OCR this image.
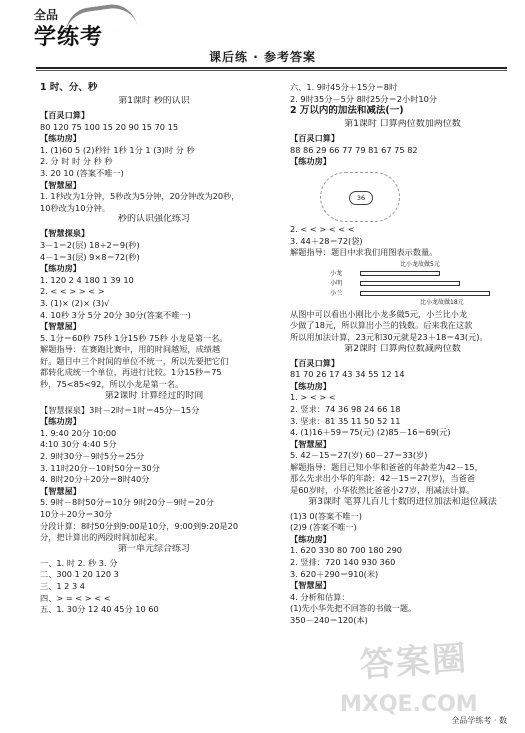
全品
学练考
课后练 · 参考答案
1 时、分、秒
第1课时 秒的认识
【百灵口算】
80 120 75 100 15 20 90 15 70 15
【练功房】
1. (1)60 5 (2)秒针 1秒 1分 1 (3)时 分 秒
2. 分 时 时 分 秒 秒
3. 20 10 (答案不唯一)
【智慧屋】
1. 1秒改为1分钟，5秒改为5分钟，20分钟改为20秒，
10秒改为10分钟。
秒的认识强化练习
【智慧探泉】
3－1＝2(层) 18÷2＝9(秒)
4－1＝3(层) 9×8＝72(秒)
【练功房】
1. 120 2 4 180 1 39 10
2. < < > > < >
3. (1)× (2)× (3)√
4. 10秒 3分 5分 20分 30分(答案不唯一)
【智慧屋】
5. 1分＝60秒 75秒 1分15秒 75秒 小龙是第一名。
解题指导：在赛跑比赛中，用的时间越短，成绩越
好。题目中三个时间的单位不统一，所以先要把它们
都转化成统一个单位，再进行比较。1分15秒＝75
秒，75<85<92，所以小龙是第一名。
第2课时 计算经过的时间
【智慧探泉】3时－2时＝1时＝45分－15分
【练功房】
1. 9:40 20分 10:00
4:10 30分 4:40 5分
2. 9时30分－9时5分＝25分
3. 11时20分－10时50分＝30分
4. 8时20分＋20分＝8时40分
【智慧屋】
5. 9时－8时50分＝10分 9时20分－9时＝20分
10分＋20分＝30分
分段计算：8时50分到9:00是10分，9:00到9:20是20
分，把计算出的两段时间加起来。
第一单元综合练习
一、1. 时 2. 秒 3. 分
二、300 1 20 120 3
三、1 2 3 4
四、> = < > < <
五、1. 30分 12 40 45分 10 60
六、1. 9时45分＋15分＝8时
2. 9时35分－5分 8时25分＝2小时10分
2 万以内的加法和减法(一)
第1课时 口算两位数加两位数
【百灵口算】
88 86 29 66 77 79 81 67 75 82
【练功房】
36
2. < < > < < <
3. 44＋28＝72(袋)
解题指导：题目中求我们用图表示数量。
比小龙故做5元
小龙
小明
小兰
比小龙故做18元
从图中可以看出小刚比小龙多做5元，小兰比小龙
少做了18元，所以算出小兰的钱数。后来我在这款
所以用加法计算，23元和30元就是23＋18＝43(元)。
第2课时 口算两位数减两位数
【百灵口算】
81 70 26 17 43 34 55 12 14
【练功房】
1. > < > <
2. 竖求：74 36 98 24 66 18
3. 坚求：81 35 11 50 52 11
4. (1)16＋59＝75(元) (2)85－16＝69(元)
【智慧屋】
5. 42－15＝27(岁) 60－27＝33(岁)
解题指导：题目已知小华和爸爸的年龄差为42－15，
那么先求出小华的年龄：42－15＝27(岁)，当爸爸
是60岁时，小华依然比爸爸小27岁，用减法计算。
第3课时 笔算几百几十数的进位加法和退位减法
(1)3 0(答案不唯一)
(2)9 (答案不唯一)
【练功房】
1. 620 330 80 700 180 290
2. 竖排：720 140 930 360
3. 620＋290＝910(米)
【智慧屋】
4. 分析和估算：
(1)先小华先把不回答的书做一题。
350－240＝120(本)
答案圈
MXQE.COM
全品学练考 · 数
